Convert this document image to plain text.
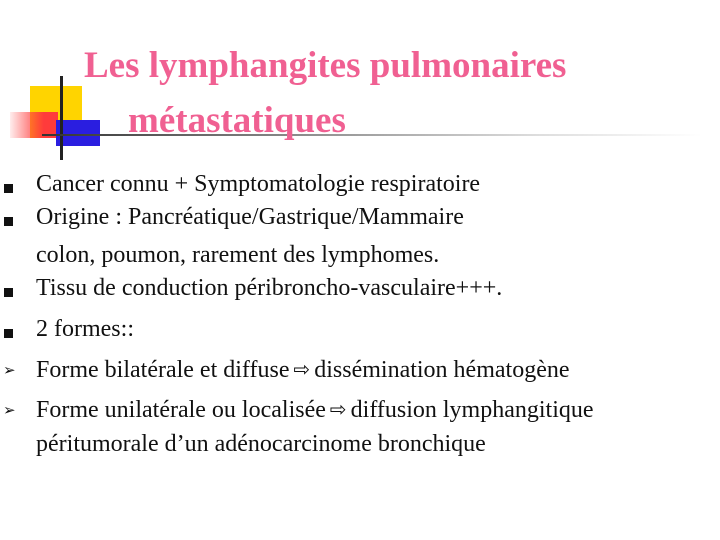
Les lymphangites pulmonaires
métastatiques
Cancer connu + Symptomatologie respiratoire
Origine : Pancréatique/Gastrique/Mammaire
colon, poumon, rarement des lymphomes.
Tissu de conduction péribroncho-vasculaire+++.
2 formes::
➢ Forme bilatérale et diffuse ⇨ dissémination hématogène
➢ Forme unilatérale ou localisée ⇨ diffusion lymphangitique
péritumorale d’un adénocarcinome bronchique
